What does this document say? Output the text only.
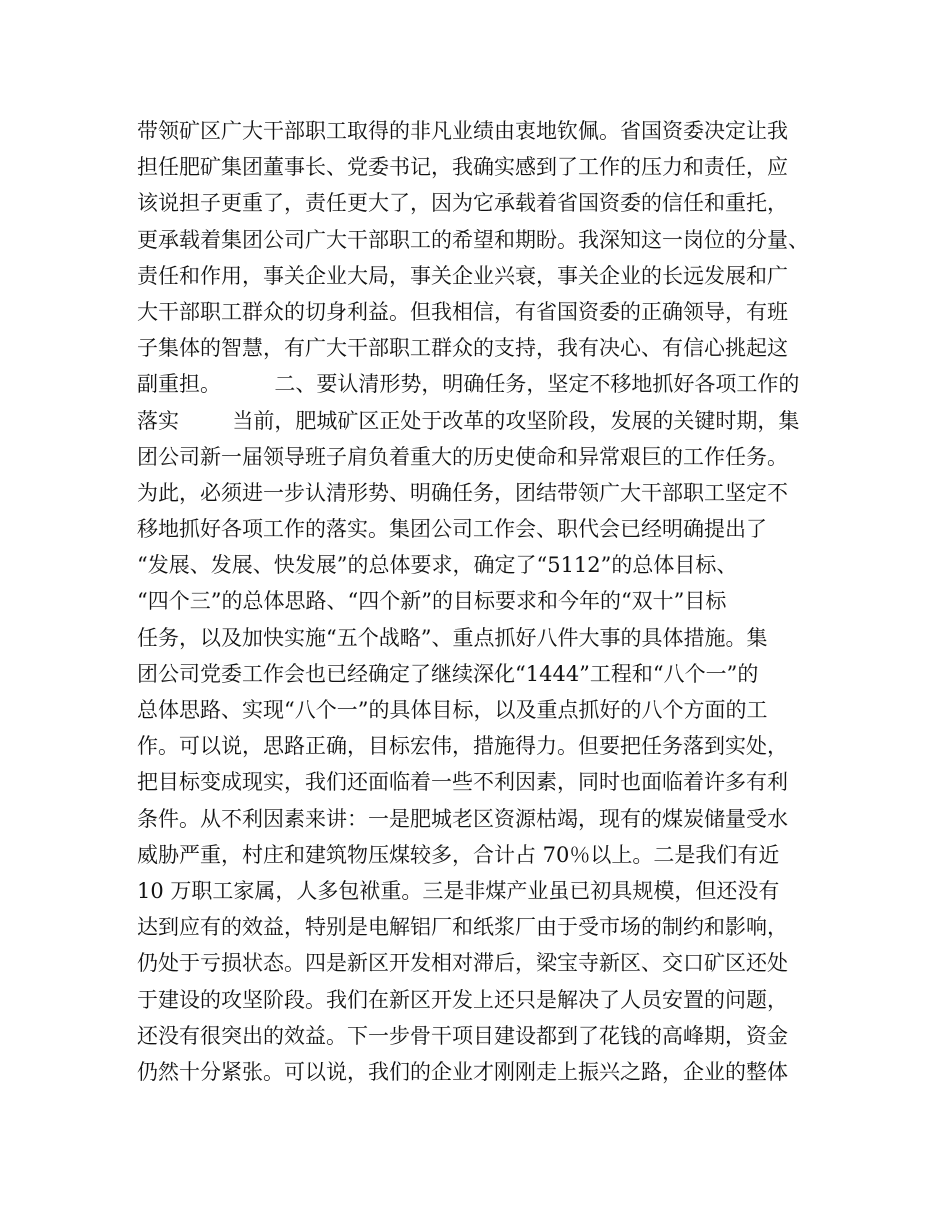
带领矿区广大干部职工取得的非凡业绩由衷地钦佩。省国资委决定让我
担任肥矿集团董事长、党委书记，我确实感到了工作的压力和责任，应
该说担子更重了，责任更大了，因为它承载着省国资委的信任和重托，
更承载着集团公司广大干部职工的希望和期盼。我深知这一岗位的分量、
责任和作用，事关企业大局，事关企业兴衰，事关企业的长远发展和广
大干部职工群众的切身利益。但我相信，有省国资委的正确领导，有班
子集体的智慧，有广大干部职工群众的支持，我有决心、有信心挑起这
副重担。        二、要认清形势，明确任务，坚定不移地抓好各项工作的
落实        当前，肥城矿区正处于改革的攻坚阶段，发展的关键时期，集
团公司新一届领导班子肩负着重大的历史使命和异常艰巨的工作任务。
为此，必须进一步认清形势、明确任务，团结带领广大干部职工坚定不
移地抓好各项工作的落实。集团公司工作会、职代会已经明确提出了
“发展、发展、快发展”的总体要求，确定了“5112”的总体目标、
“四个三”的总体思路、“四个新”的目标要求和今年的“双十”目标
任务，以及加快实施“五个战略”、重点抓好八件大事的具体措施。集
团公司党委工作会也已经确定了继续深化“1444”工程和“八个一”的
总体思路、实现“八个一”的具体目标，以及重点抓好的八个方面的工
作。可以说，思路正确，目标宏伟，措施得力。但要把任务落到实处，
把目标变成现实，我们还面临着一些不利因素，同时也面临着许多有利
条件。从不利因素来讲：一是肥城老区资源枯竭，现有的煤炭储量受水
威胁严重，村庄和建筑物压煤较多，合计占 70％以上。二是我们有近
10 万职工家属，人多包袱重。三是非煤产业虽已初具规模，但还没有
达到应有的效益，特别是电解铝厂和纸浆厂由于受市场的制约和影响，
仍处于亏损状态。四是新区开发相对滞后，梁宝寺新区、交口矿区还处
于建设的攻坚阶段。我们在新区开发上还只是解决了人员安置的问题，
还没有很突出的效益。下一步骨干项目建设都到了花钱的高峰期，资金
仍然十分紧张。可以说，我们的企业才刚刚走上振兴之路，企业的整体
